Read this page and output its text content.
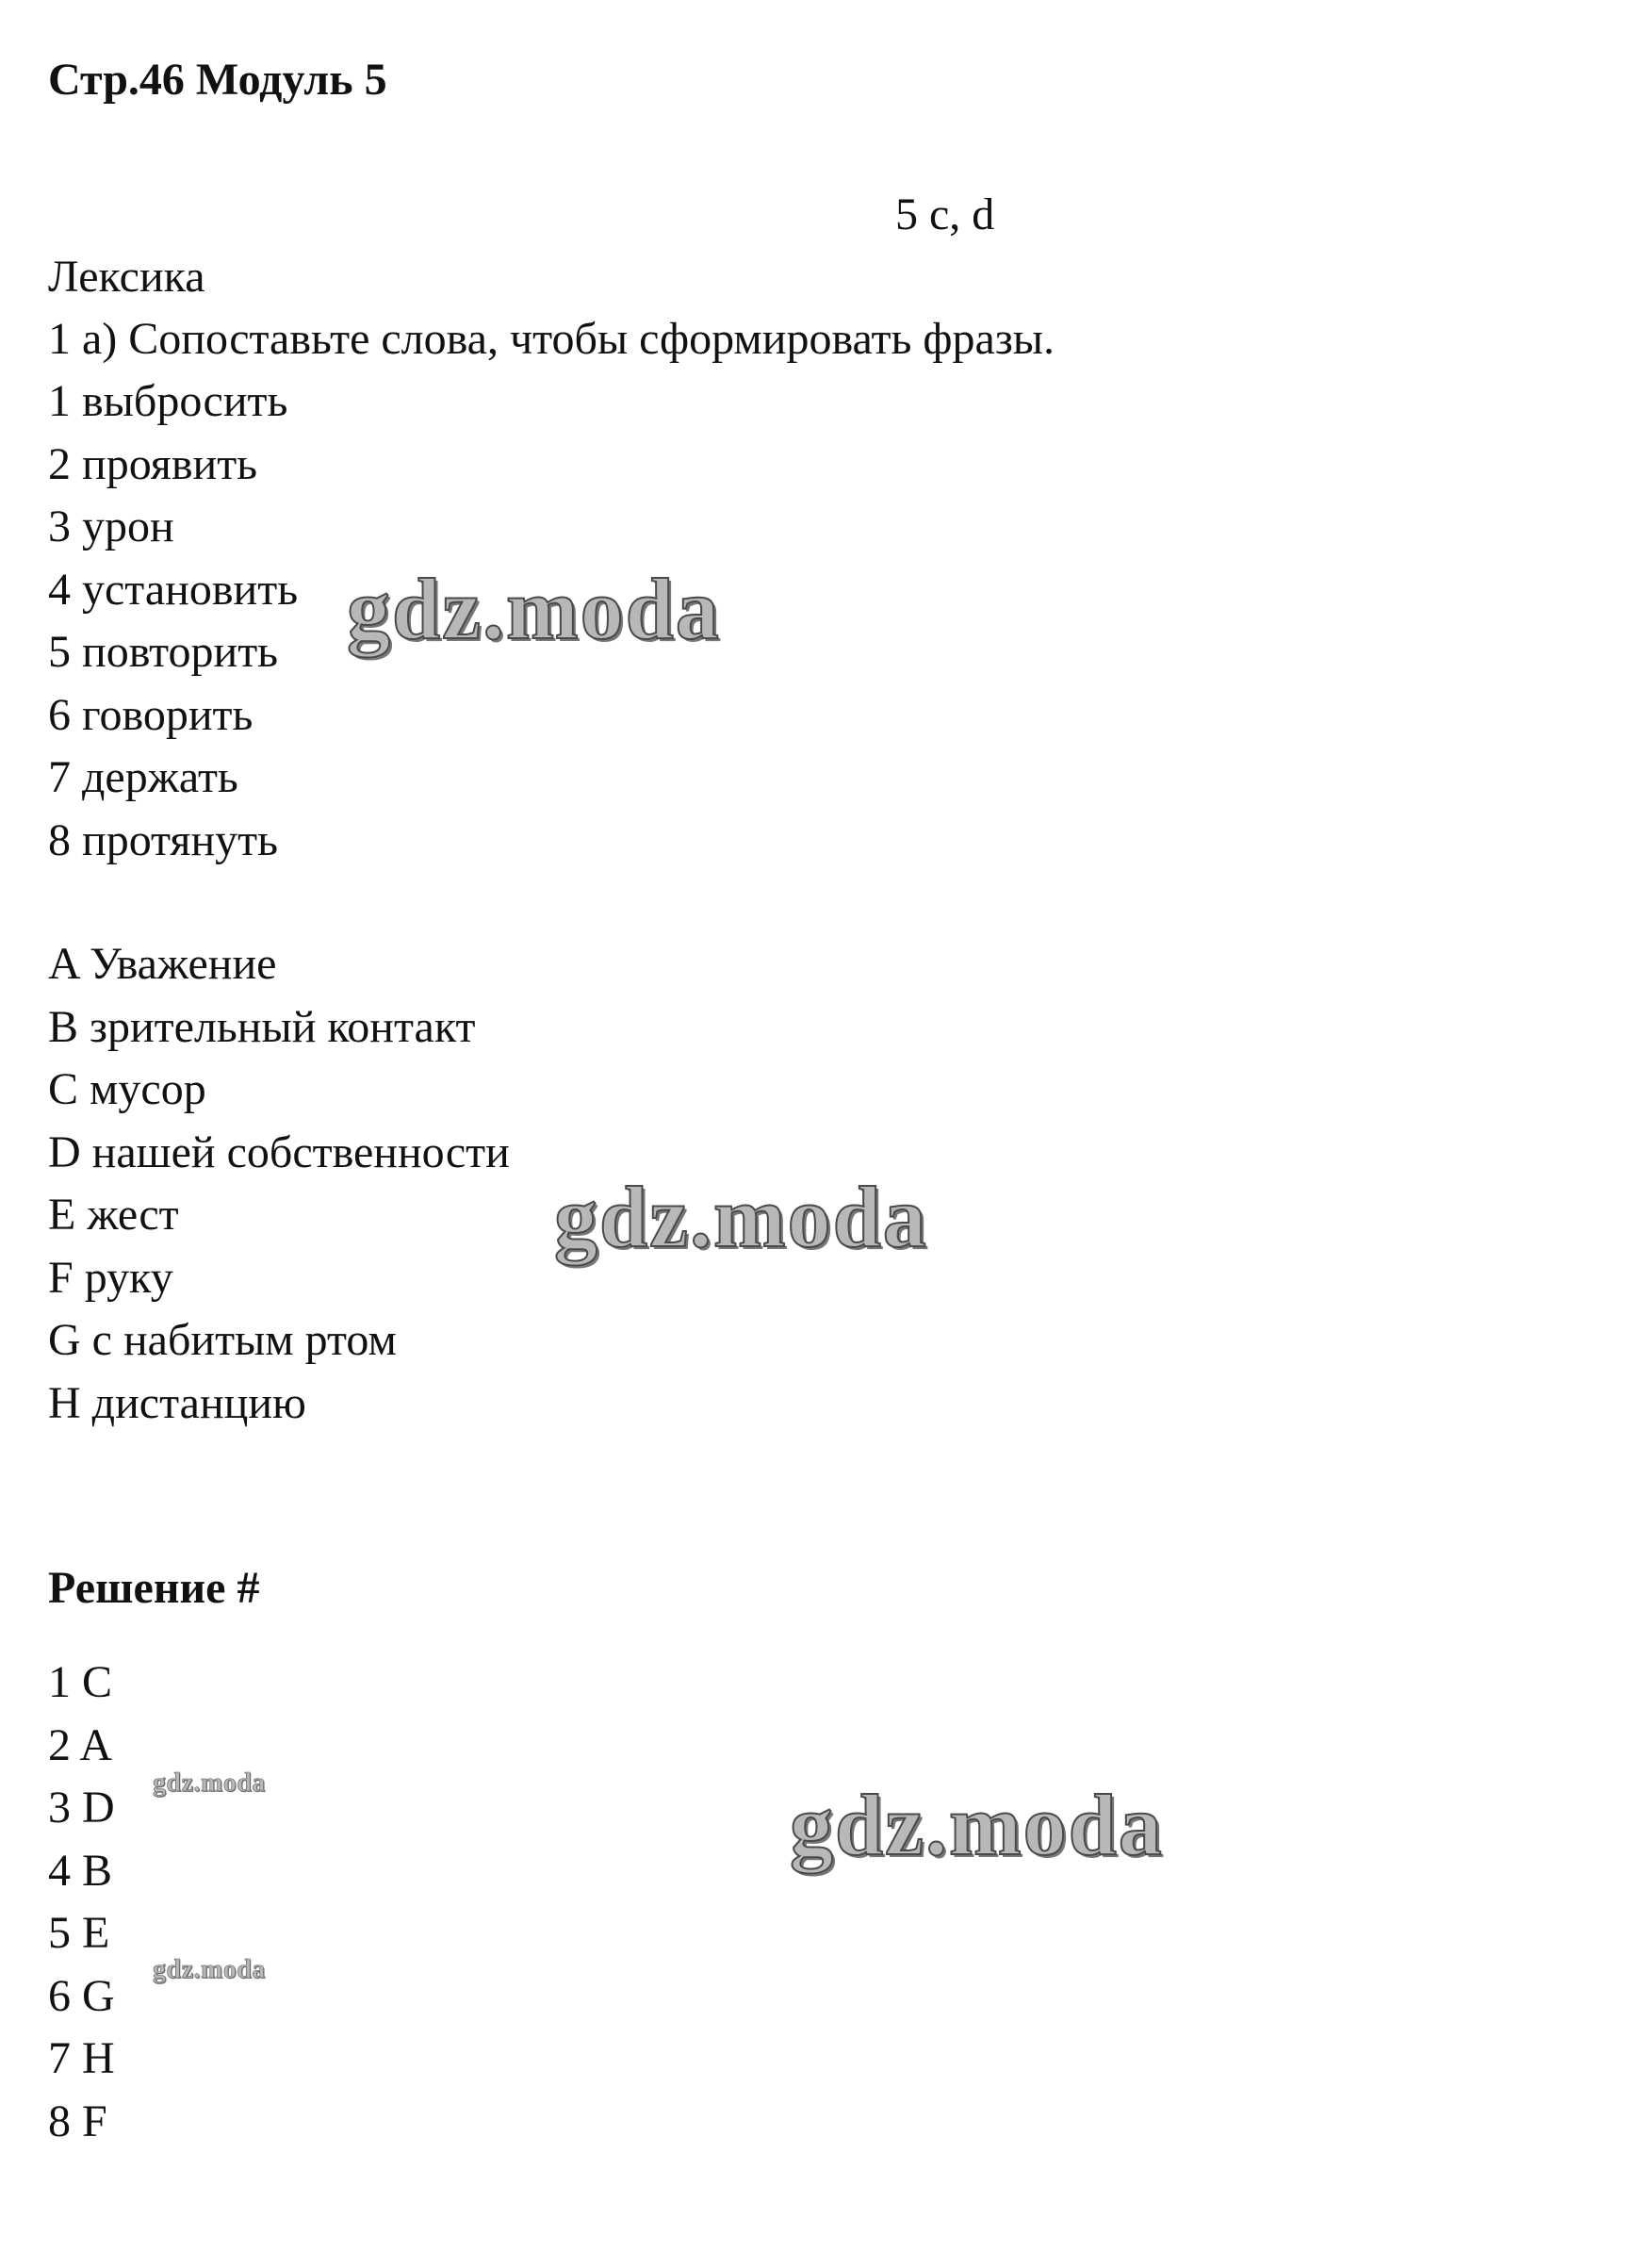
Стр.46 Модуль 5
5 c, d
Лексика
1 a) Сопоставьте слова, чтобы сформировать фразы.
1 выбросить
2 проявить
3 урон
4 установить
5 повторить
6 говорить
7 держать
8 протянуть
A Уважение
B зрительный контакт
C мусор
D нашей собственности
E жест
F руку
G с набитым ртом
H дистанцию
Решение #
1 C
2 A
3 D
4 B
5 E
6 G
7 H
8 F
gdz.moda
gdz.moda
gdz.moda
gdz.moda
gdz.moda
